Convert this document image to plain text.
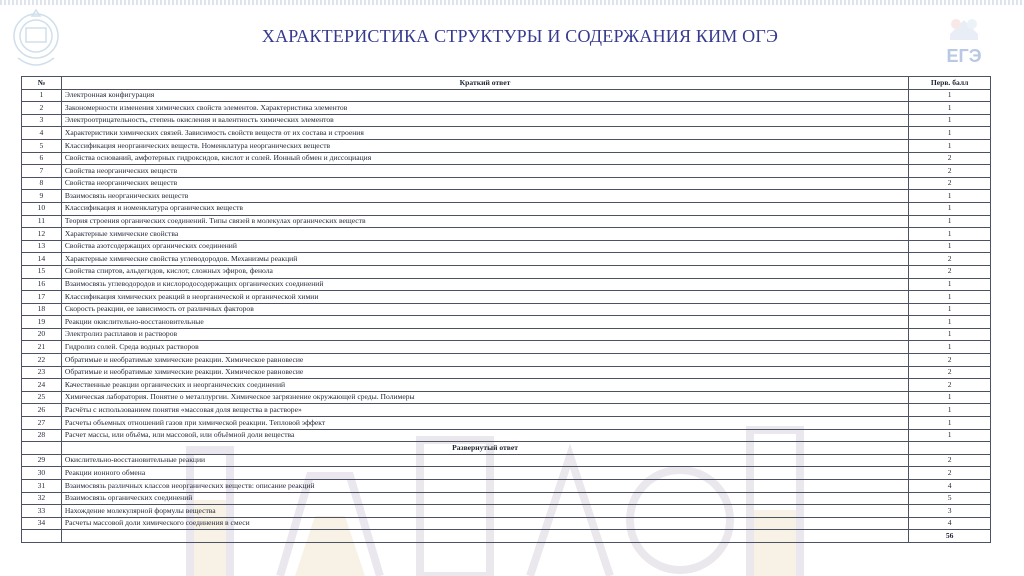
ЕГЭ
ХАРАКТЕРИСТИКА СТРУКТУРЫ И СОДЕРЖАНИЯ КИМ ОГЭ
№	Краткий ответ	Перв. балл
1	Электронная конфигурация	1
2	Закономерности изменения химических свойств элементов. Характеристика элементов	1
3	Электроотрицательность, степень окисления и валентность химических элементов	1
4	Характеристики химических связей. Зависимость свойств веществ от их состава и строения	1
5	Классификация неорганических веществ. Номенклатура неорганических веществ	1
6	Свойства оснований, амфотерных гидроксидов, кислот и солей. Ионный обмен и диссоциация	2
7	Свойства неорганических веществ	2
8	Свойства неорганических веществ	2
9	Взаимосвязь неорганических веществ	1
10	Классификация и номенклатура органических веществ	1
11	Теория строения органических соединений. Типы связей в молекулах органических веществ	1
12	Характерные химические свойства	1
13	Свойства азотсодержащих органических соединений	1
14	Характерные химические свойства углеводородов. Механизмы реакций	2
15	Свойства спиртов, альдегидов, кислот, сложных эфиров, фенола	2
16	Взаимосвязь углеводородов и кислородосодержащих органических соединений	1
17	Классификация химических реакций в неорганической и органической химии	1
18	Скорость реакции, ее зависимость от различных факторов	1
19	Реакции окислительно-восстановительные	1
20	Электролиз расплавов и растворов	1
21	Гидролиз солей. Среда водных растворов	1
22	Обратимые и необратимые химические реакции. Химическое равновесие	2
23	Обратимые и необратимые химические реакции. Химическое равновесие	2
24	Качественные реакции органических и неорганических соединений	2
25	Химическая лаборатория. Понятие о металлургии. Химическое загрязнение окружающей среды. Полимеры	1
26	Расчёты с использованием понятия «массовая доля вещества в растворе»	1
27	Расчеты объемных отношений газов при химической реакции. Тепловой эффект	1
28	Расчет массы, или объёма, или массовой, или объёмной доли вещества	1
	Развернутый ответ	
29	Окислительно-восстановительные реакции	2
30	Реакции ионного обмена	2
31	Взаимосвязь различных классов неорганических веществ: описание реакций	4
32	Взаимосвязь органических соединений	5
33	Нахождение молекулярной формулы вещества	3
34	Расчеты массовой доли химического соединения в смеси	4
		56
